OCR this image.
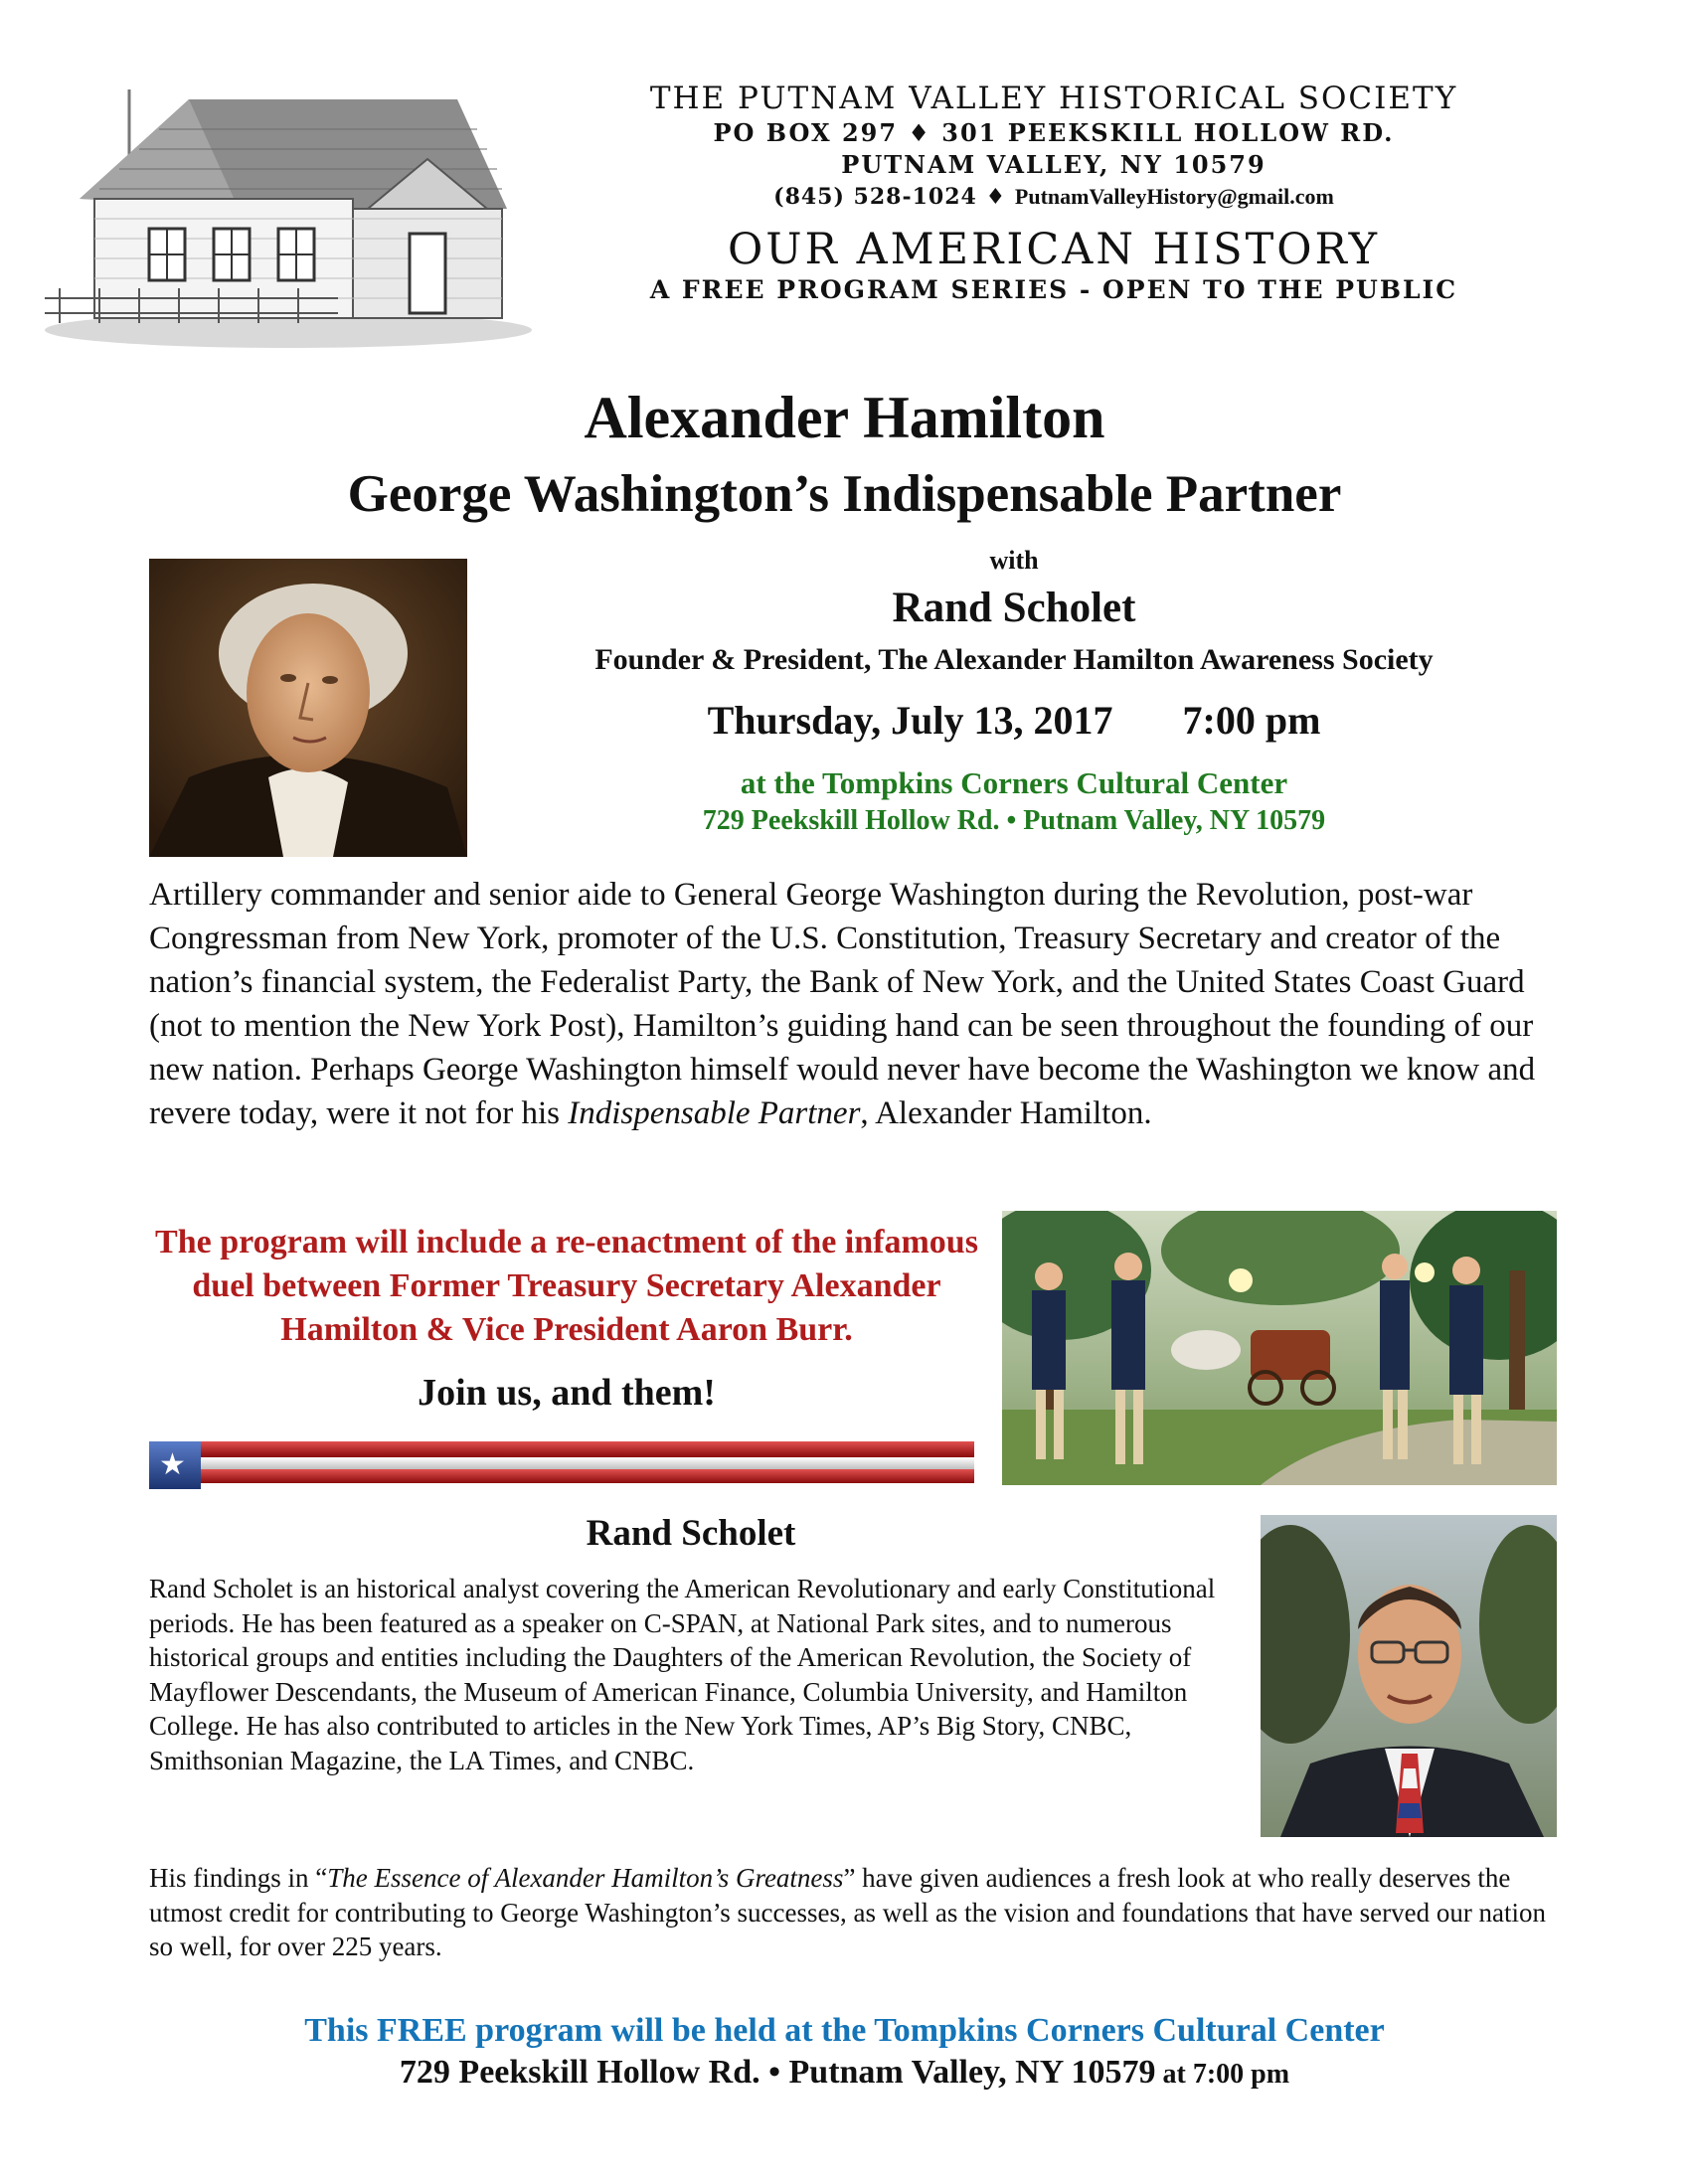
THE PUTNAM VALLEY HISTORICAL SOCIETY
PO BOX 297 ♦ 301 PEEKSKILL HOLLOW RD.
PUTNAM VALLEY, NY 10579
(845) 528-1024 ♦ PutnamValleyHistory@gmail.com
OUR AMERICAN HISTORY
A FREE PROGRAM SERIES - OPEN TO THE PUBLIC
Alexander Hamilton
George Washington’s Indispensable Partner
with
Rand Scholet
Founder & President, The Alexander Hamilton Awareness Society
Thursday, July 13, 2017 7:00 pm
at the Tompkins Corners Cultural Center
729 Peekskill Hollow Rd. • Putnam Valley, NY 10579

Artillery commander and senior aide to General George Washington during the Revolution, post-war Congressman from New York, promoter of the U.S. Constitution, Treasury Secretary and creator of the nation’s financial system, the Federalist Party, the Bank of New York, and the United States Coast Guard (not to mention the New York Post), Hamilton’s guiding hand can be seen throughout the founding of our new nation. Perhaps George Washington himself would never have become the Washington we know and revere today, were it not for his Indispensable Partner, Alexander Hamilton.

The program will include a re-enactment of the infamous duel between Former Treasury Secretary Alexander Hamilton & Vice President Aaron Burr.
Join us, and them!
★
Rand Scholet

Rand Scholet is an historical analyst covering the American Revolutionary and early Constitutional periods. He has been featured as a speaker on C-SPAN, at National Park sites, and to numerous historical groups and entities including the Daughters of the American Revolution, the Society of Mayflower Descendants, the Museum of American Finance, Columbia University, and Hamilton College. He has also contributed to articles in the New York Times, AP’s Big Story, CNBC, Smithsonian Magazine, the LA Times, and CNBC.

His findings in “The Essence of Alexander Hamilton’s Greatness” have given audiences a fresh look at who really deserves the utmost credit for contributing to George Washington’s successes, as well as the vision and foundations that have served our nation so well, for over 225 years.

This FREE program will be held at the Tompkins Corners Cultural Center
729 Peekskill Hollow Rd. • Putnam Valley, NY 10579 at 7:00 pm
